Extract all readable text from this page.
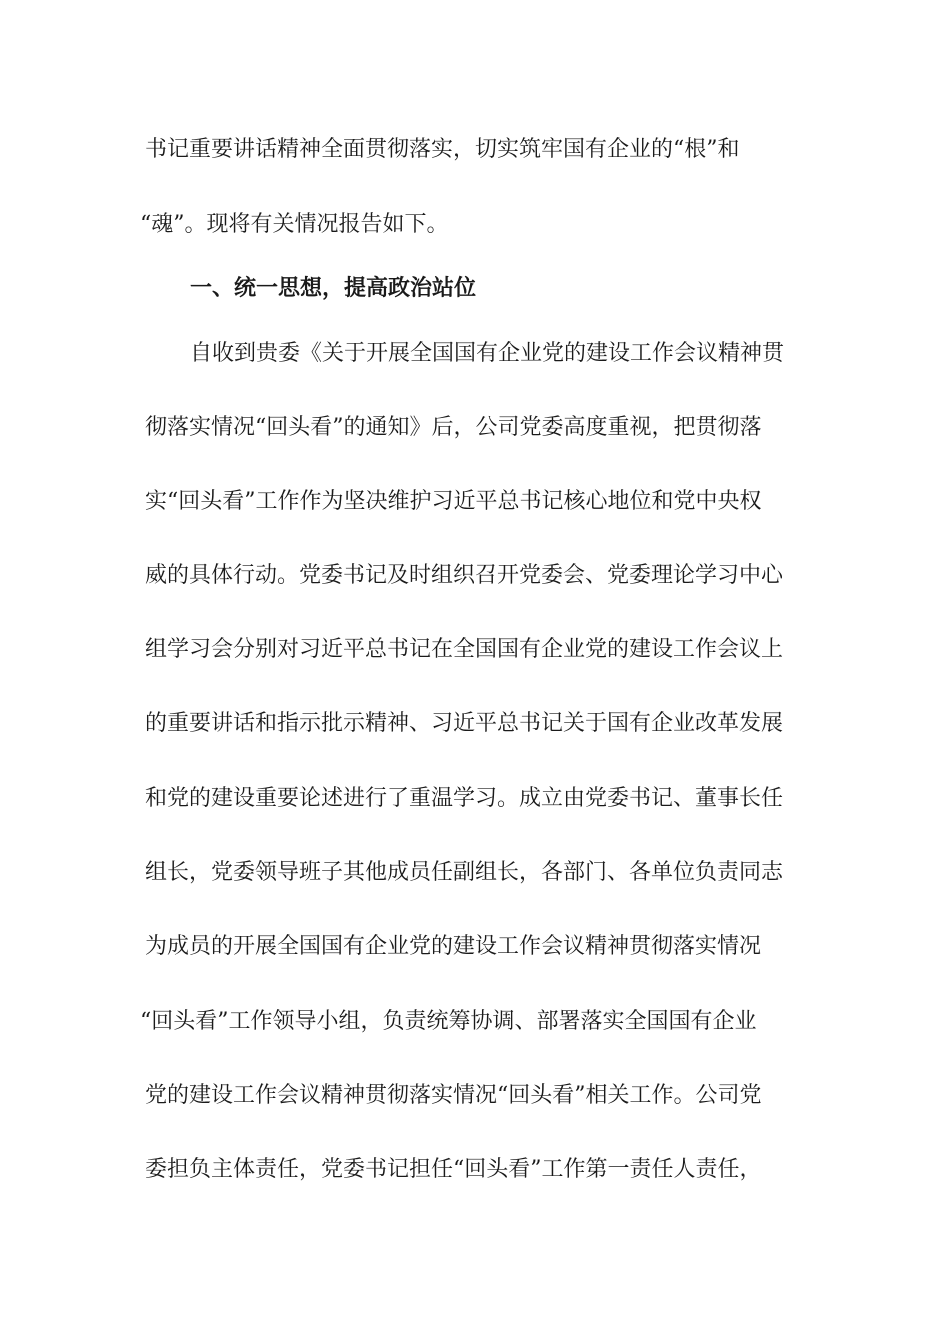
书记重要讲话精神全面贯彻落实，切实筑牢国有企业的“根”和
“魂”。现将有关情况报告如下。
一、统一思想，提高政治站位
自收到贵委《关于开展全国国有企业党的建设工作会议精神贯
彻落实情况“回头看”的通知》后，公司党委高度重视，把贯彻落
实“回头看”工作作为坚决维护习近平总书记核心地位和党中央权
威的具体行动。党委书记及时组织召开党委会、党委理论学习中心
组学习会分别对习近平总书记在全国国有企业党的建设工作会议上
的重要讲话和指示批示精神、习近平总书记关于国有企业改革发展
和党的建设重要论述进行了重温学习。成立由党委书记、董事长任
组长，党委领导班子其他成员任副组长，各部门、各单位负责同志
为成员的开展全国国有企业党的建设工作会议精神贯彻落实情况
“回头看”工作领导小组，负责统筹协调、部署落实全国国有企业
党的建设工作会议精神贯彻落实情况“回头看”相关工作。公司党
委担负主体责任，党委书记担任“回头看”工作第一责任人责任，
